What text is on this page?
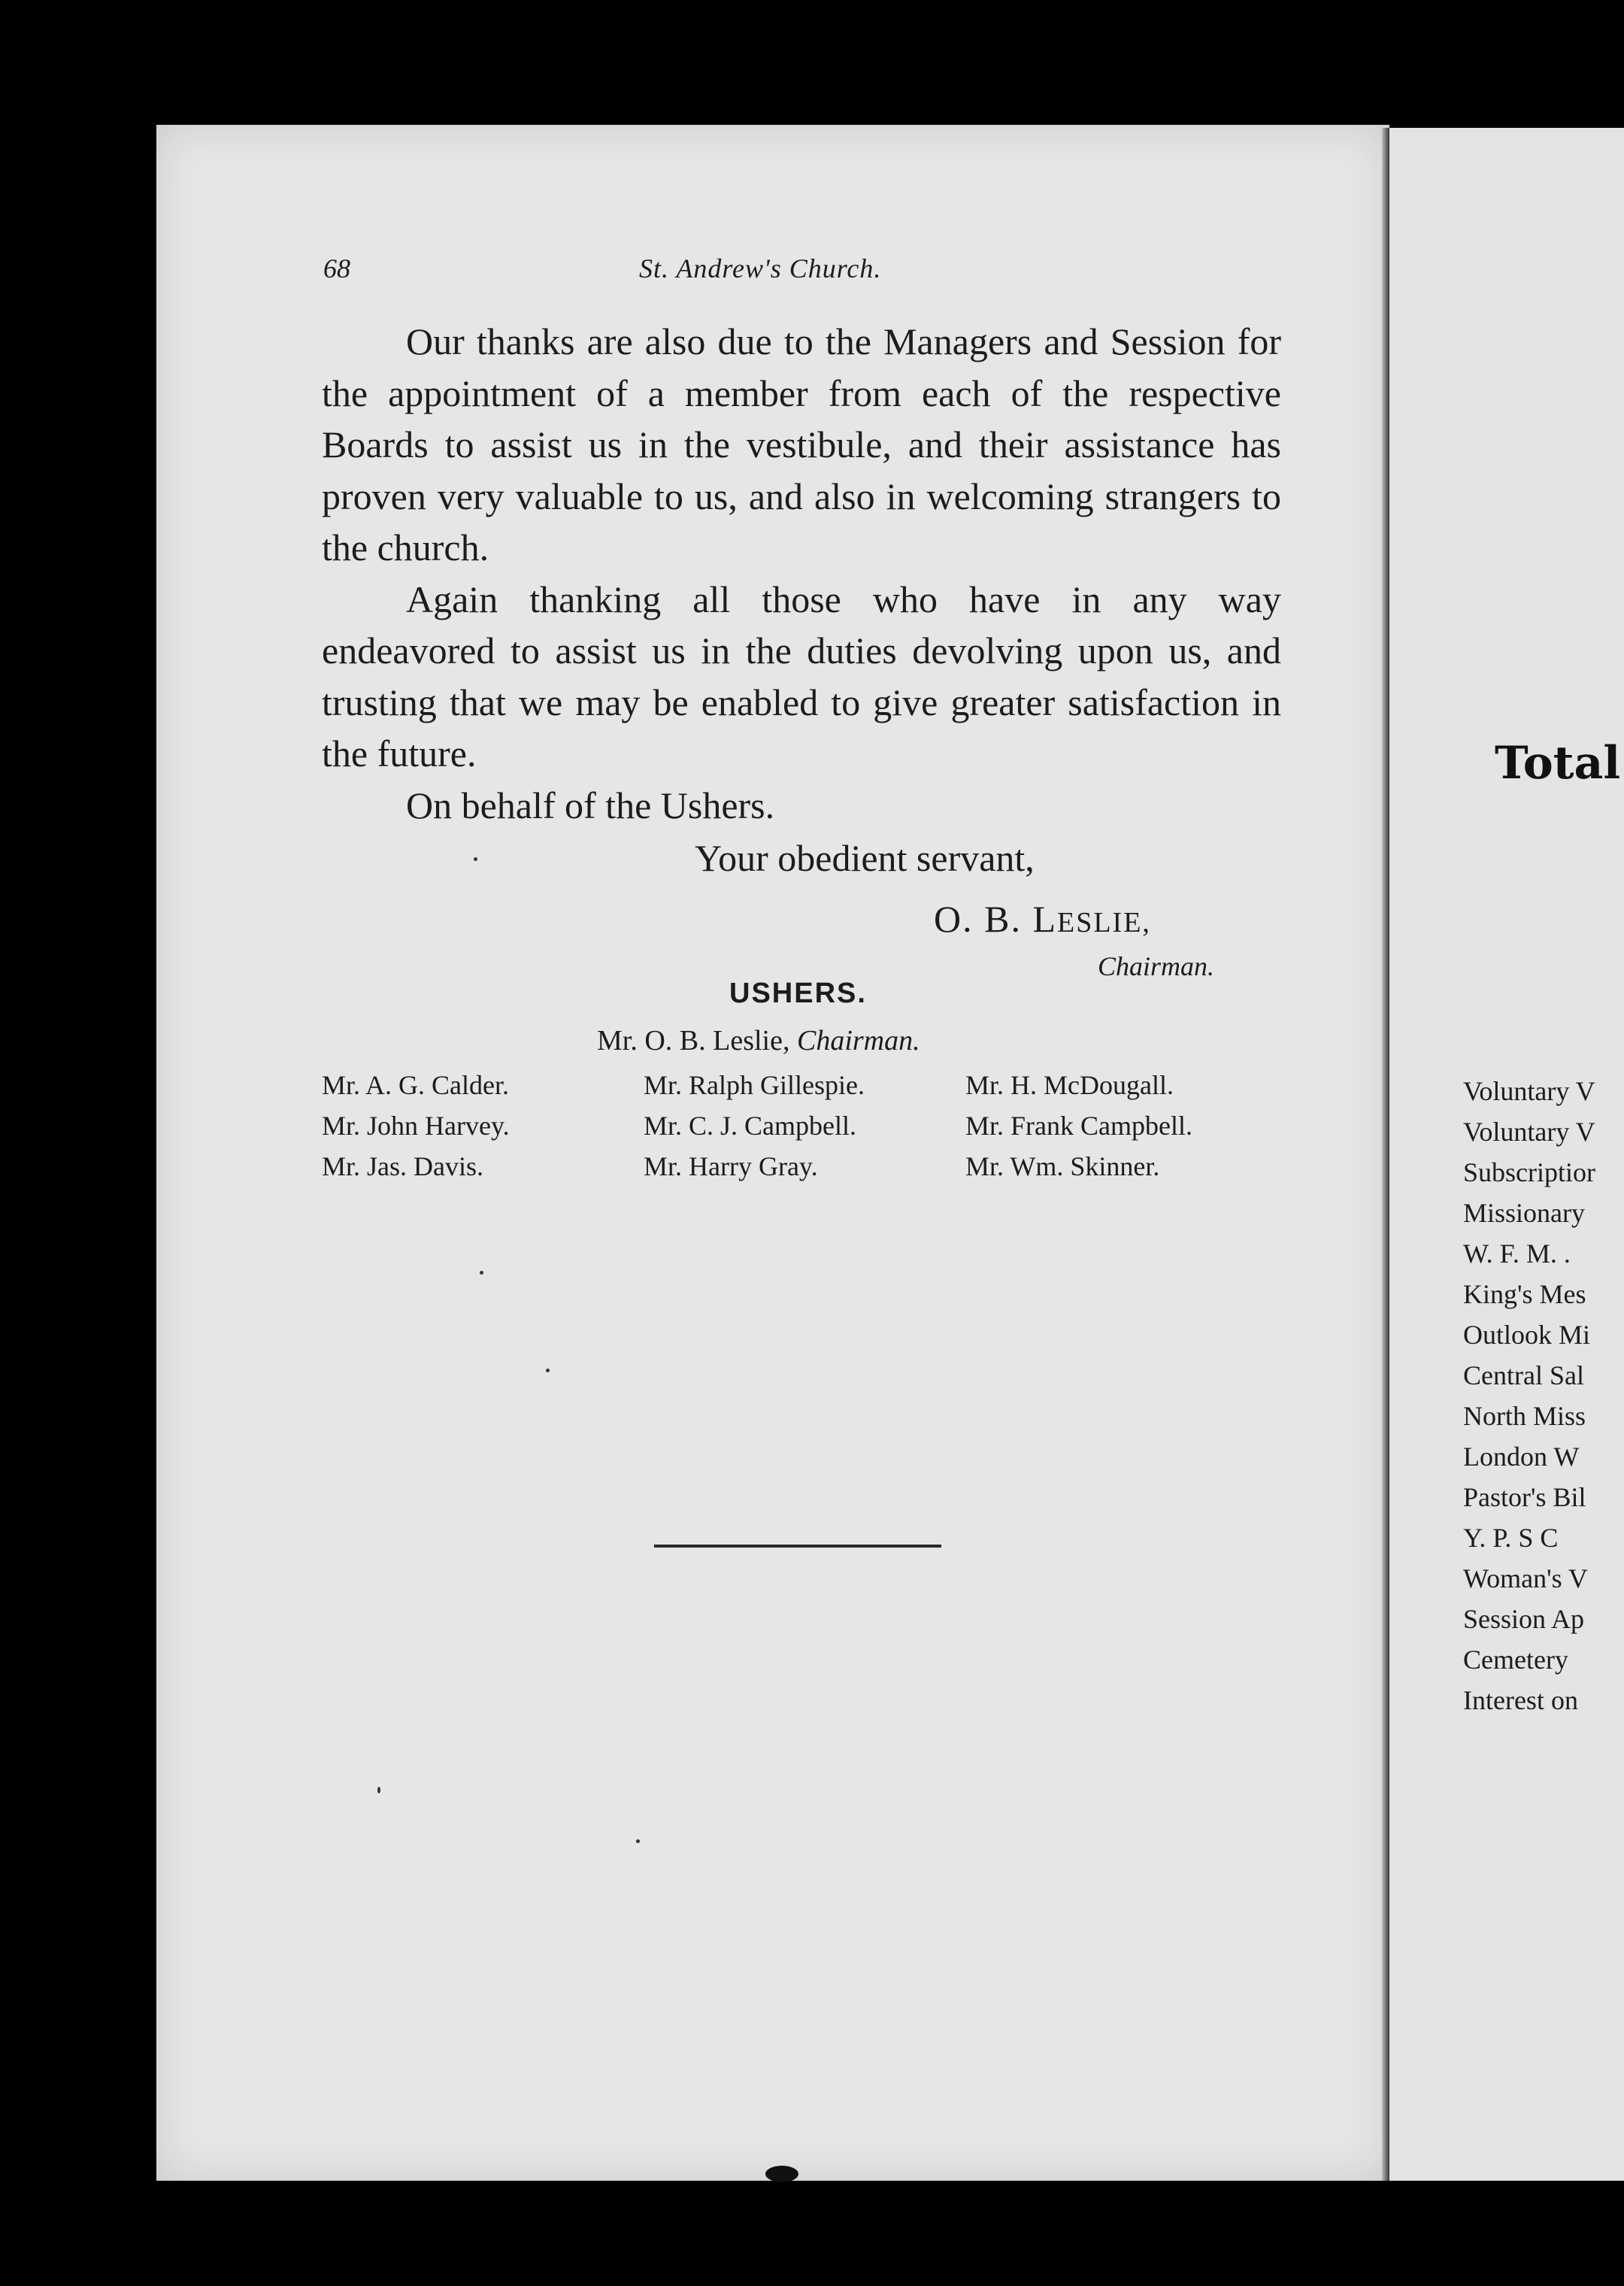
Total
Voluntary V
Voluntary V
Subscriptior
Missionary
W. F. M. .
King's Mes
Outlook Mi
Central Sal
North Miss
London W
Pastor's Bil
Y. P. S C
Woman's V
Session Ap
Cemetery
Interest on
68	St. Andrew's Church.

Our thanks are also due to the Managers and Session for the appointment of a member from each of the respective Boards to assist us in the vestibule, and their assistance has proven very valuable to us, and also in welcoming strangers to the church.

Again thanking all those who have in any way endeavored to assist us in the duties devolving upon us, and trusting that we may be enabled to give greater satisfaction in the future.

On behalf of the Ushers.

Your obedient servant,
O. B. LESLIE,
Chairman.
USHERS.
Mr. O. B. Leslie, Chairman.
Mr. A. G. Calder.
Mr. John Harvey.
Mr. Jas. Davis.
Mr. Ralph Gillespie.
Mr. C. J. Campbell.
Mr. Harry Gray.
Mr. H. McDougall.
Mr. Frank Campbell.
Mr. Wm. Skinner.
